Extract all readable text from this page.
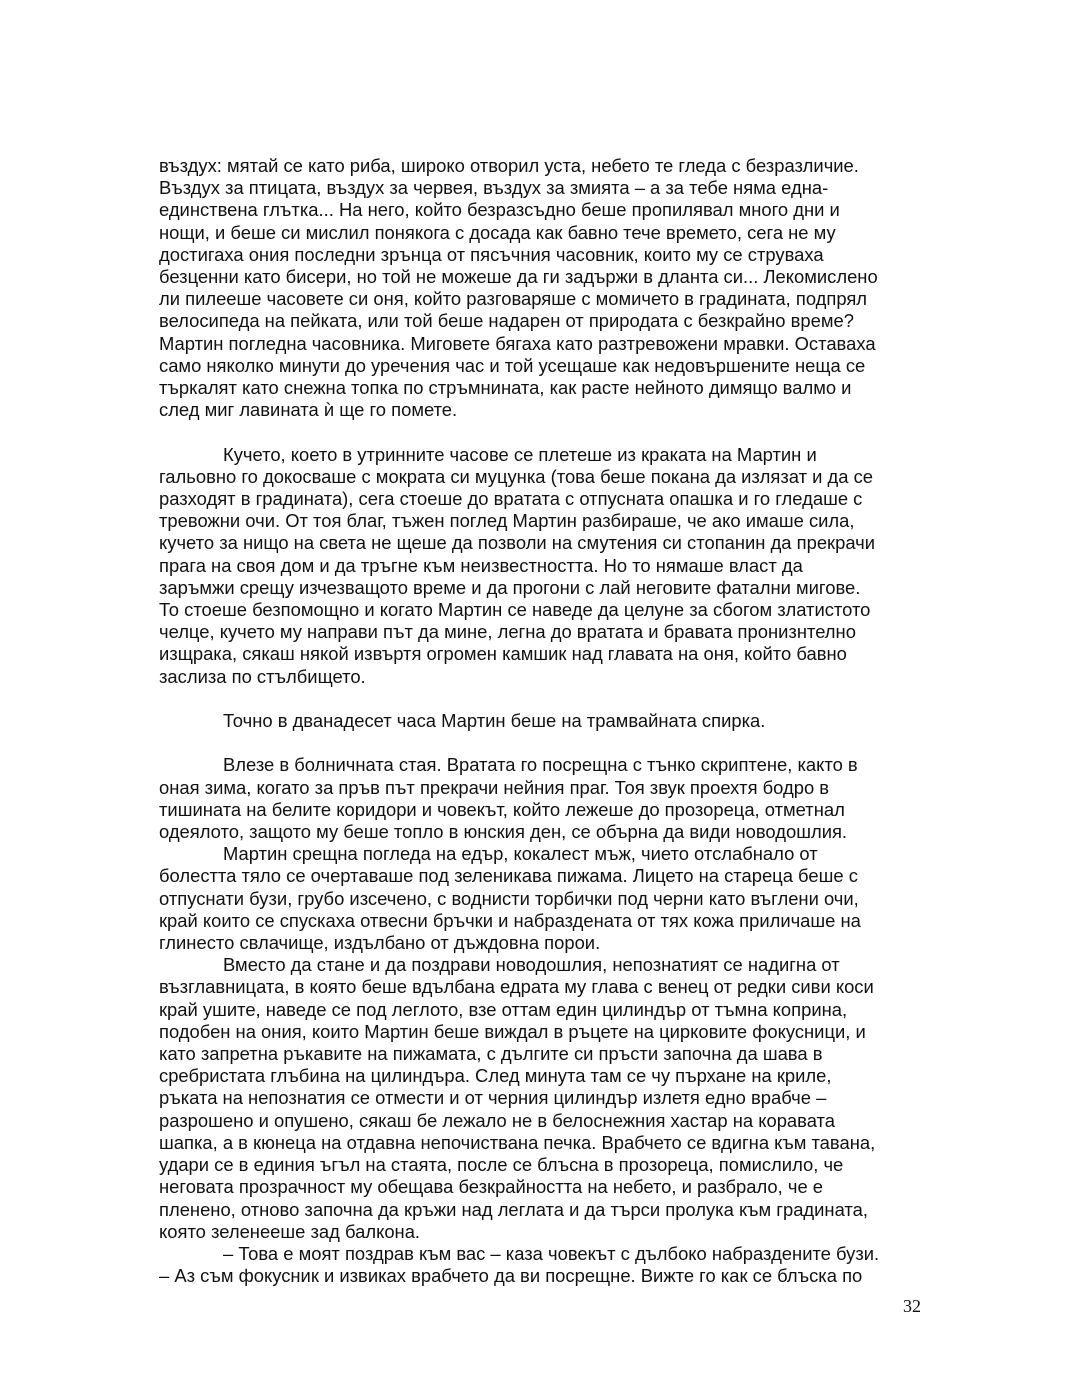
въздух: мятай се като риба, широко отворил уста, небето те гледа с безразличие.
Въздух за птицата, въздух за червея, въздух за змията – а за тебе няма една-
единствена глътка... На него, който безразсъдно беше пропилявал много дни и
нощи, и беше си мислил понякога с досада как бавно тече времето, сега не му
достигаха ония последни зрънца от пясъчния часовник, които му се струваха
безценни като бисери, но той не можеше да ги задържи в дланта си... Лекомислено
ли пилееше часовете си оня, който разговаряше с момичето в градината, подпрял
велосипеда на пейката, или той беше надарен от природата с безкрайно време?
Мартин погледна часовника. Миговете бягаха като разтревожени мравки. Оставаха
само няколко минути до уречения час и той усещаше как недовършените неща се
търкалят като снежна топка по стръмнината, как расте нейното димящо валмо и
след миг лавината ѝ ще го помете.
Кучето, което в утринните часове се плетеше из краката на Мартин и
гальовно го докосваше с мократа си муцунка (това беше покана да излязат и да се
разходят в градината), сега стоеше до вратата с отпусната опашка и го гледаше с
тревожни очи. От тоя благ, тъжен поглед Мартин разбираше, че ако имаше сила,
кучето за нищо на света не щеше да позволи на смутения си стопанин да прекрачи
прага на своя дом и да тръгне към неизвестността. Но то нямаше власт да
заръмжи срещу изчезващото време и да прогони с лай неговите фатални мигове.
То стоеше безпомощно и когато Мартин се наведе да целуне за сбогом златистото
челце, кучето му направи път да мине, легна до вратата и бравата пронизнтелно
изщрака, сякаш някой извъртя огромен камшик над главата на оня, който бавно
заслиза по стълбището.
Точно в дванадесет часа Мартин беше на трамвайната спирка.
Влезе в болничната стая. Вратата го посрещна с тънко скриптене, както в
оная зима, когато за пръв път прекрачи нейния праг. Тоя звук проехтя бодро в
тишината на белите коридори и човекът, който лежеше до прозореца, отметнал
одеялото, защото му беше топло в юнския ден, се обърна да види новодошлия.
Мартин срещна погледа на едър, кокалест мъж, чието отслабнало от
болестта тяло се очертаваше под зеленикава пижама. Лицето на стареца беше с
отпуснати бузи, грубо изсечено, с воднисти торбички под черни като въглени очи,
край които се спускаха отвесни бръчки и набраздената от тях кожа приличаше на
глинесто свлачище, издълбано от дъждовна порои.
Вместо да стане и да поздрави новодошлия, непознатият се надигна от
възглавницата, в която беше вдълбана едрата му глава с венец от редки сиви коси
край ушите, наведе се под леглото, взе оттам един цилиндър от тъмна коприна,
подобен на ония, които Мартин беше виждал в ръцете на цирковите фокусници, и
като запретна ръкавите на пижамата, с дългите си пръсти започна да шава в
сребристата глъбина на цилиндъра. След минута там се чу пърхане на криле,
ръката на непознатия се отмести и от черния цилиндър излетя едно врабче –
разрошено и опушено, сякаш бе лежало не в белоснежния хастар на коравата
шапка, а в кюнеца на отдавна непочиствана печка. Врабчето се вдигна към тавана,
удари се в единия ъгъл на стаята, после се блъсна в прозореца, помислило, че
неговата прозрачност му обещава безкрайността на небето, и разбрало, че е
пленено, отново започна да кръжи над леглата и да търси пролука към градината,
която зеленееше зад балкона.
– Това е моят поздрав към вас – каза човекът с дълбоко набраздените бузи.
– Аз съм фокусник и извиках врабчето да ви посрещне. Вижте го как се блъска по
32
